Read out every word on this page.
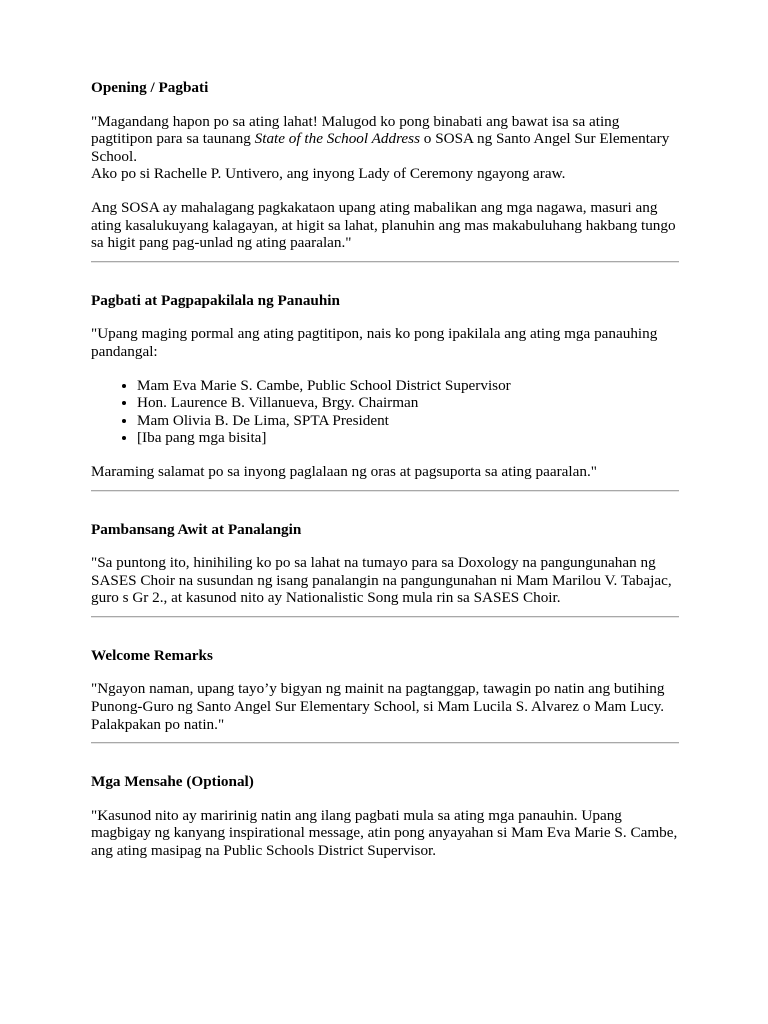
Opening / Pagbati

"Magandang hapon po sa ating lahat! Malugod ko pong binabati ang bawat isa sa ating pagtitipon para sa taunang State of the School Address o SOSA ng Santo Angel Sur Elementary School.
Ako po si Rachelle P. Untivero, ang inyong Lady of Ceremony ngayong araw.

Ang SOSA ay mahalagang pagkakataon upang ating mabalikan ang mga nagawa, masuri ang ating kasalukuyang kalagayan, at higit sa lahat, planuhin ang mas makabuluhang hakbang tungo sa higit pang pag-unlad ng ating paaralan."

Pagbati at Pagpapakilala ng Panauhin

"Upang maging pormal ang ating pagtitipon, nais ko pong ipakilala ang ating mga panauhing pandangal:

• Mam Eva Marie S. Cambe, Public School District Supervisor
• Hon. Laurence B. Villanueva, Brgy. Chairman
• Mam Olivia B. De Lima, SPTA President
• [Iba pang mga bisita]

Maraming salamat po sa inyong paglalaan ng oras at pagsuporta sa ating paaralan."

Pambansang Awit at Panalangin

"Sa puntong ito, hinihiling ko po sa lahat na tumayo para sa Doxology na pangungunahan ng SASES Choir na susundan ng isang panalangin na pangungunahan ni Mam Marilou V. Tabajac, guro s Gr 2., at kasunod nito ay Nationalistic Song mula rin sa SASES Choir.

Welcome Remarks

"Ngayon naman, upang tayo’y bigyan ng mainit na pagtanggap, tawagin po natin ang butihing Punong-Guro ng Santo Angel Sur Elementary School, si Mam Lucila S. Alvarez o Mam Lucy. Palakpakan po natin."

Mga Mensahe (Optional)

"Kasunod nito ay maririnig natin ang ilang pagbati mula sa ating mga panauhin. Upang magbigay ng kanyang inspirational message, atin pong anyayahan si Mam Eva Marie S. Cambe, ang ating masipag na Public Schools District Supervisor.
